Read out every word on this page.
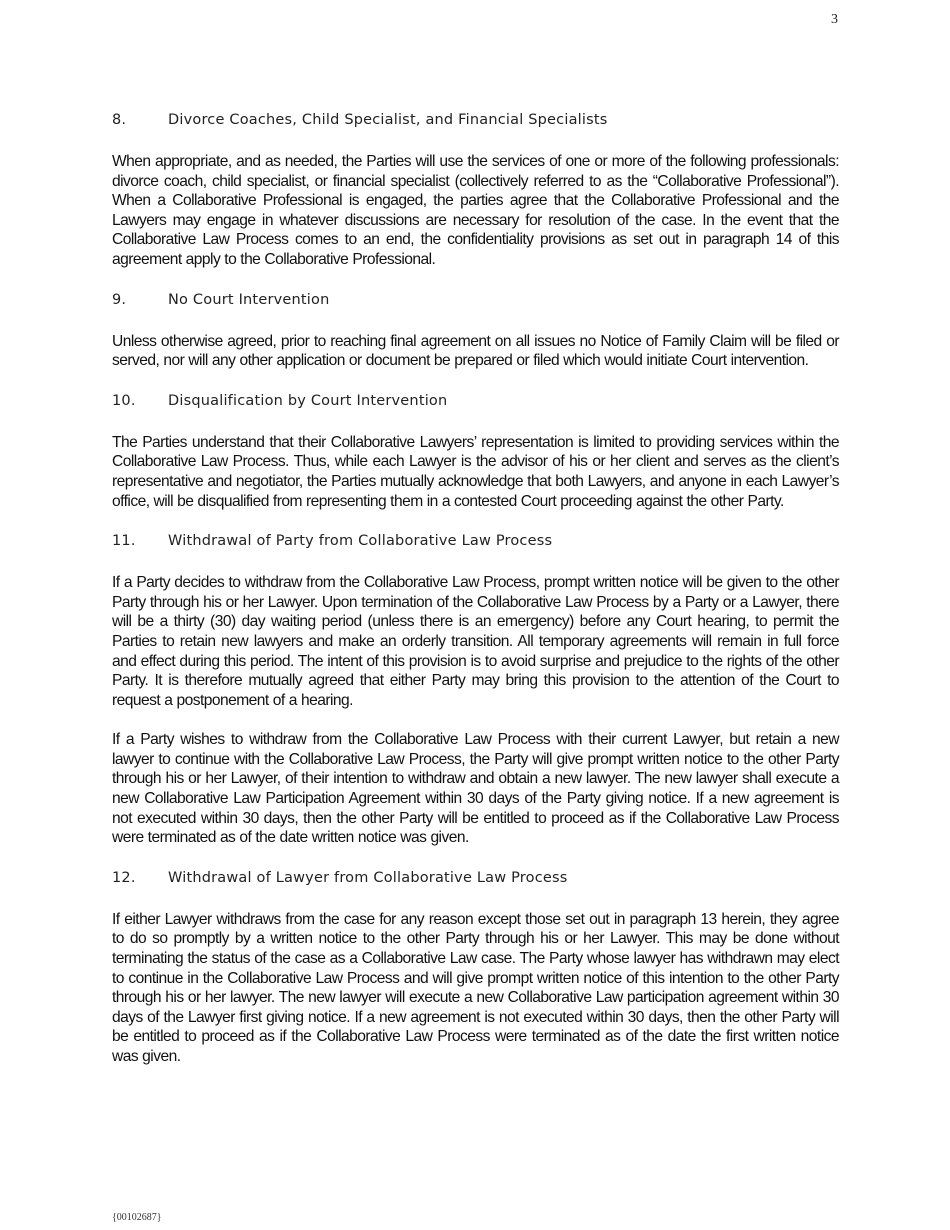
3
8.	Divorce Coaches, Child Specialist, and Financial Specialists

When appropriate, and as needed, the Parties will use the services of one or more of the following professionals: divorce coach, child specialist, or financial specialist (collectively referred to as the “Collaborative Professional”). When a Collaborative Professional is engaged, the parties agree that the Collaborative Professional and the Lawyers may engage in whatever discussions are necessary for resolution of the case. In the event that the Collaborative Law Process comes to an end, the confidentiality provisions as set out in paragraph 14 of this agreement apply to the Collaborative Professional.

9.	No Court Intervention

Unless otherwise agreed, prior to reaching final agreement on all issues no Notice of Family Claim will be filed or served, nor will any other application or document be prepared or filed which would initiate Court intervention.

10.	Disqualification by Court Intervention

The Parties understand that their Collaborative Lawyers’ representation is limited to providing services within the Collaborative Law Process. Thus, while each Lawyer is the advisor of his or her client and serves as the client’s representative and negotiator, the Parties mutually acknowledge that both Lawyers, and anyone in each Lawyer’s office, will be disqualified from representing them in a contested Court proceeding against the other Party.

11.	Withdrawal of Party from Collaborative Law Process

If a Party decides to withdraw from the Collaborative Law Process, prompt written notice will be given to the other Party through his or her Lawyer. Upon termination of the Collaborative Law Process by a Party or a Lawyer, there will be a thirty (30) day waiting period (unless there is an emergency) before any Court hearing, to permit the Parties to retain new lawyers and make an orderly transition. All temporary agreements will remain in full force and effect during this period. The intent of this provision is to avoid surprise and prejudice to the rights of the other Party. It is therefore mutually agreed that either Party may bring this provision to the attention of the Court to request a postponement of a hearing.

If a Party wishes to withdraw from the Collaborative Law Process with their current Lawyer, but retain a new lawyer to continue with the Collaborative Law Process, the Party will give prompt written notice to the other Party through his or her Lawyer, of their intention to withdraw and obtain a new lawyer. The new lawyer shall execute a new Collaborative Law Participation Agreement within 30 days of the Party giving notice. If a new agreement is not executed within 30 days, then the other Party will be entitled to proceed as if the Collaborative Law Process were terminated as of the date written notice was given.

12.	Withdrawal of Lawyer from Collaborative Law Process

If either Lawyer withdraws from the case for any reason except those set out in paragraph 13 herein, they agree to do so promptly by a written notice to the other Party through his or her Lawyer. This may be done without terminating the status of the case as a Collaborative Law case. The Party whose lawyer has withdrawn may elect to continue in the Collaborative Law Process and will give prompt written notice of this intention to the other Party through his or her lawyer. The new lawyer will execute a new Collaborative Law participation agreement within 30 days of the Lawyer first giving notice. If a new agreement is not executed within 30 days, then the other Party will be entitled to proceed as if the Collaborative Law Process were terminated as of the date the first written notice was given.

{00102687}
